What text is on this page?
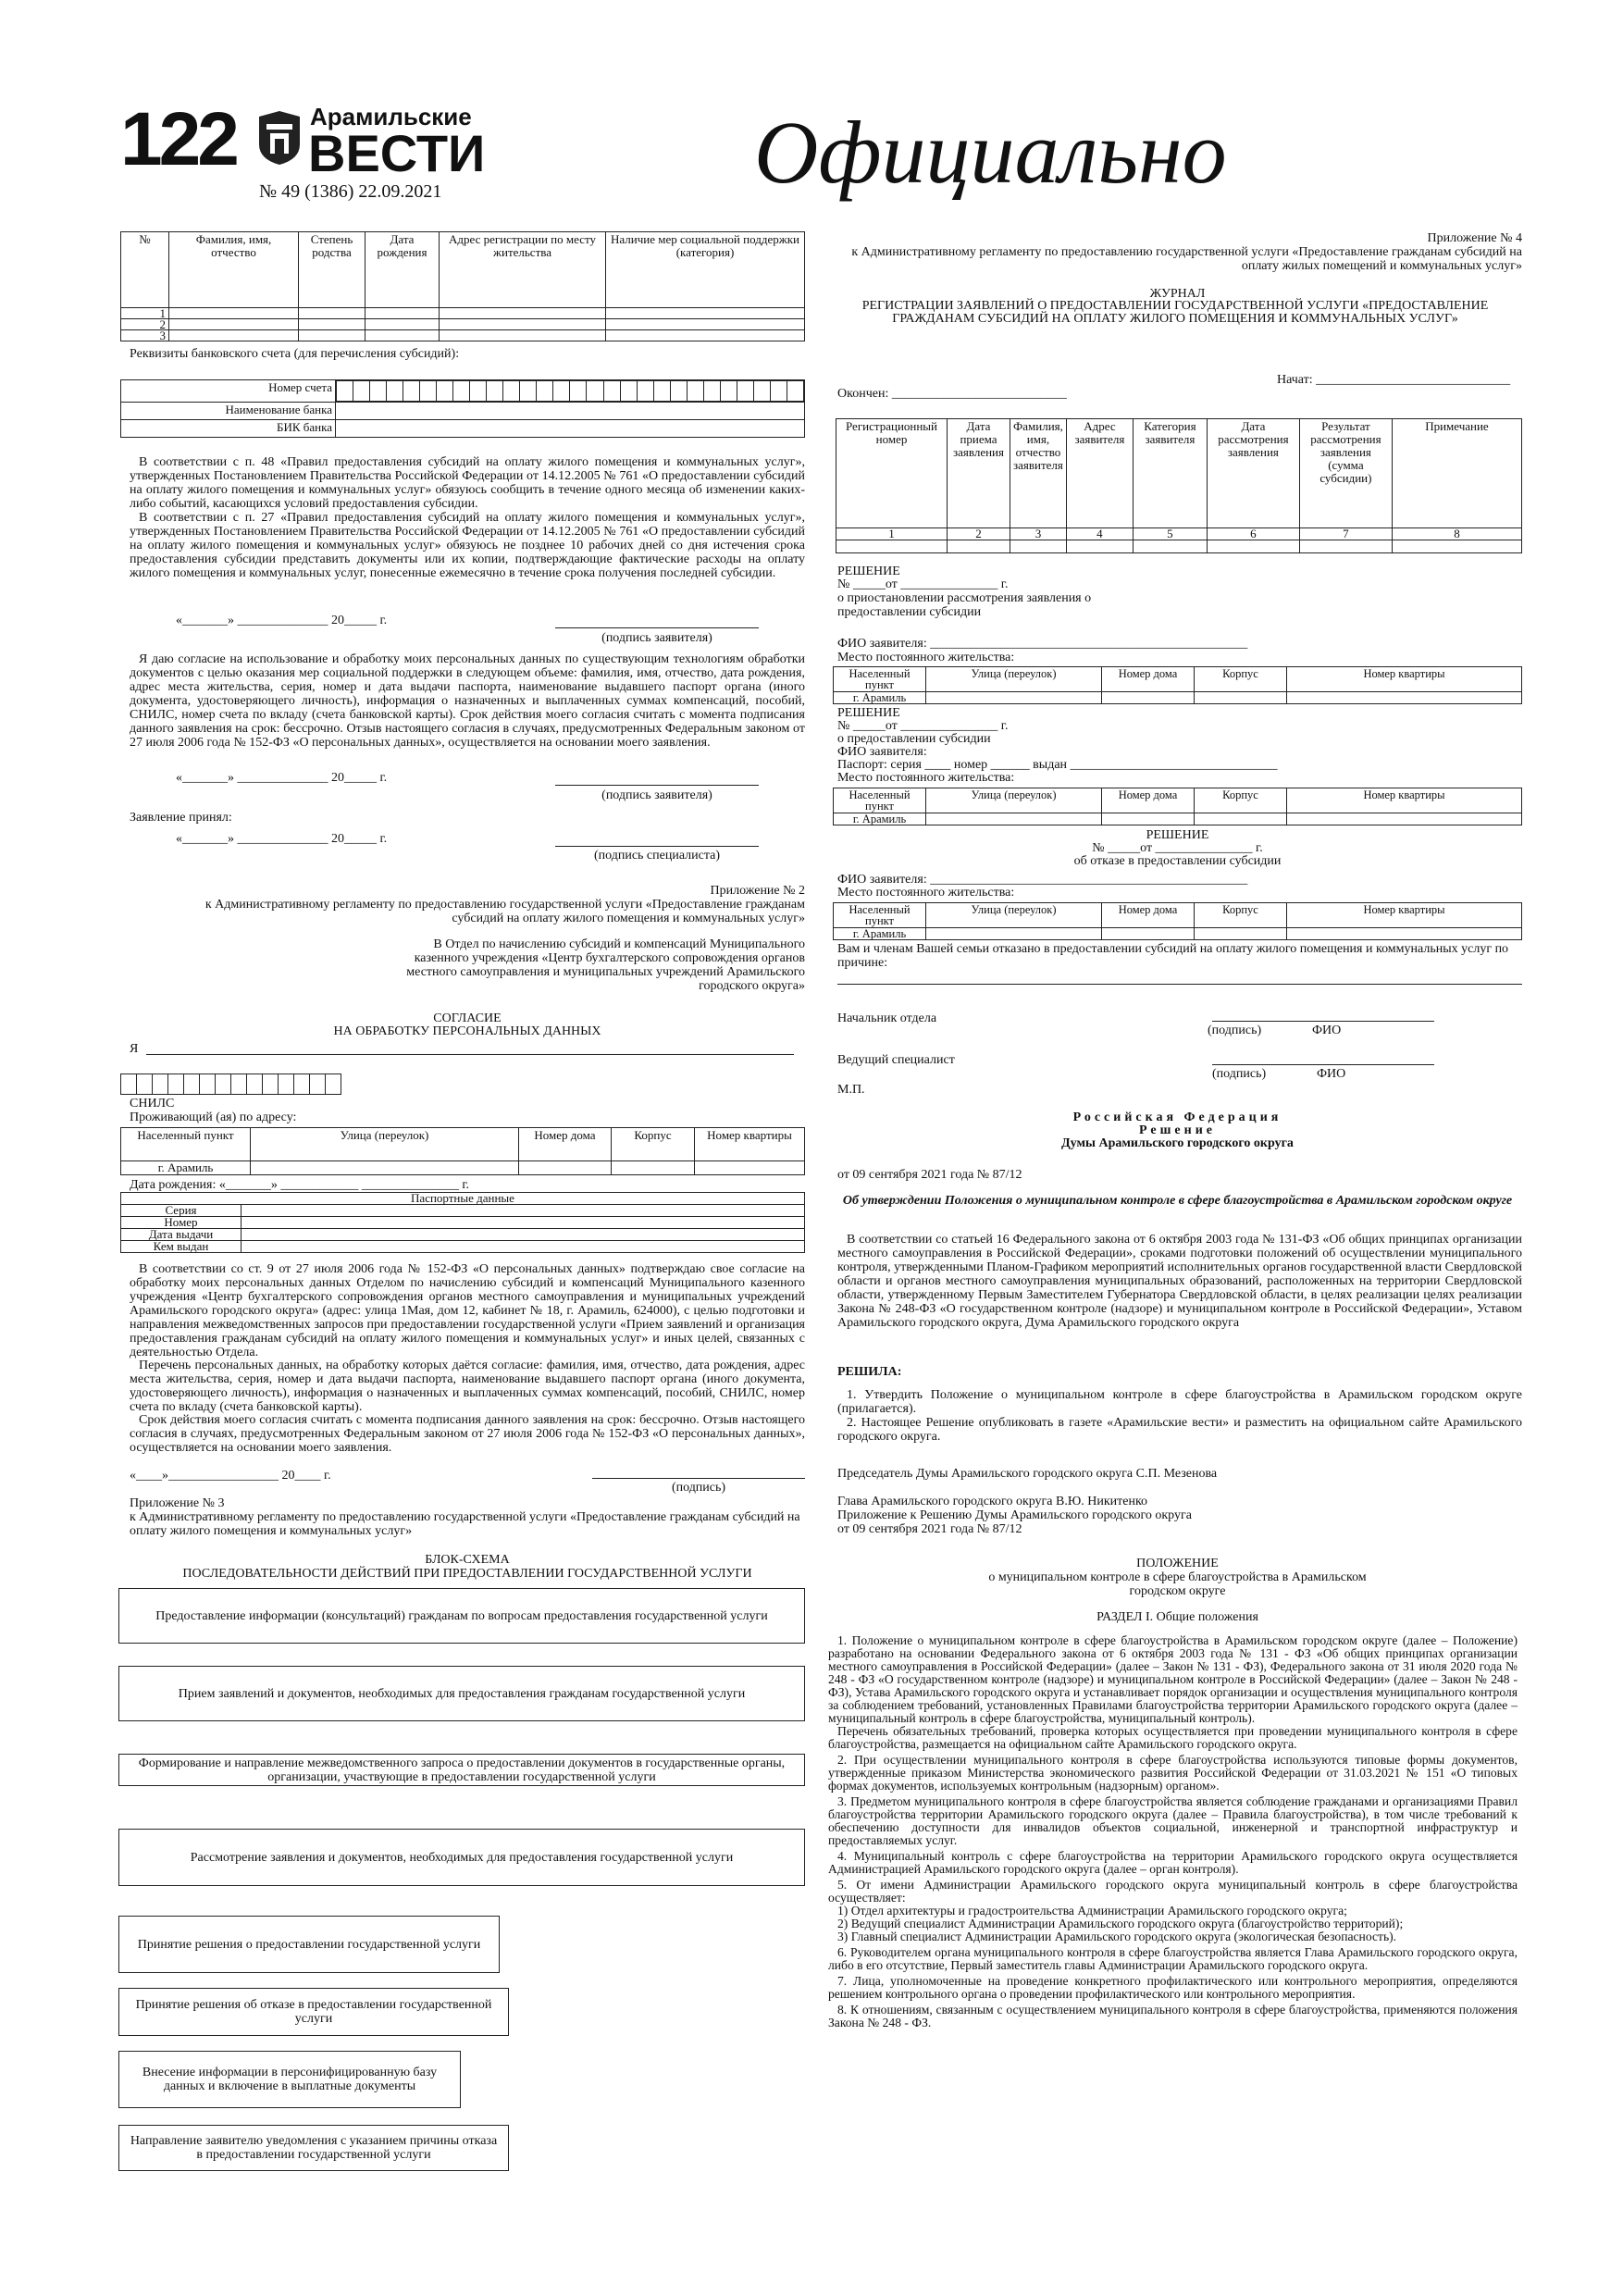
122	Арамильские
ВЕСТИ
№ 49 (1386) 22.09.2021	Официально
№	Фамилия, имя, отчество	Степень родства	Дата рождения	Адрес регистрации по месту жительства	Наличие мер социальной поддержки (категория)
1					
2					
3					
Реквизиты банковского счета (для перечисления субсидий):
Номер счета	

Наименование банка	
БИК банка	
В соответствии с п. 48 «Правил предоставления субсидий на оплату жилого помещения и коммунальных услуг», утвержденных Постановлением Правительства Российской Федерации от 14.12.2005 № 761 «О предоставлении субсидий на оплату жилого помещения и коммунальных услуг» обязуюсь сообщить в течение одного месяца об изменении каких-либо событий, касающихся условий предоставления субсидии.
В соответствии с п. 27 «Правил предоставления субсидий на оплату жилого помещения и коммунальных услуг», утвержденных Постановлением Правительства Российской Федерации от 14.12.2005 № 761 «О предоставлении субсидий на оплату жилого помещения и коммунальных услуг» обязуюсь не позднее 10 рабочих дней со дня истечения срока предоставления субсидии представить документы или их копии, подтверждающие фактические расходы на оплату жилого помещения и коммунальных услуг, понесенные ежемесячно в течение срока получения последней субсидии.
«_______» ______________ 20_____ г.
(подпись заявителя)
Я даю согласие на использование и обработку моих персональных данных по существующим технологиям обработки документов с целью оказания мер социальной поддержки в следующем объеме: фамилия, имя, отчество, дата рождения, адрес места жительства, серия, номер и дата выдачи паспорта, наименование выдавшего паспорт органа (иного документа, удостоверяющего личность), информация о назначенных и выплаченных суммах компенсаций, пособий, СНИЛС, номер счета по вкладу (счета банковской карты). Срок действия моего согласия считать с момента подписания данного заявления на срок: бессрочно. Отзыв настоящего согласия в случаях, предусмотренных Федеральным законом от 27 июля 2006 года № 152-ФЗ «О персональных данных», осуществляется на основании моего заявления.
«_______» ______________ 20_____ г.
(подпись заявителя)
Заявление принял:
«_______» ______________ 20_____ г.
(подпись специалиста)
Приложение № 2
к Административному регламенту по предоставлению государственной услуги «Предоставление гражданам субсидий на оплату жилого помещения и коммунальных услуг»
В Отдел по начислению субсидий и компенсаций Муниципального казенного учреждения «Центр бухгалтерского сопровождения органов местного самоуправления и муниципальных учреждений Арамильского городского округа»
СОГЛАСИЕ
НА ОБРАБОТКУ ПЕРСОНАЛЬНЫХ ДАННЫХ
Я

СНИЛС
Проживающий (ая) по адресу:
Населенный пункт	Улица (переулок)	Номер дома	Корпус	Номер квартиры
г. Арамиль				
Дата рождения: «_______» ____________ _______________ г.
Паспортные данные	
Серия	
Номер	
Дата выдачи	
Кем выдан	
В соответствии со ст. 9 от 27 июля 2006 года № 152-ФЗ «О персональных данных» подтверждаю свое согласие на обработку моих персональных данных Отделом по начислению субсидий и компенсаций Муниципального казенного учреждения «Центр бухгалтерского сопровождения органов местного самоуправления и муниципальных учреждений Арамильского городского округа» (адрес: улица 1Мая, дом 12, кабинет № 18, г. Арамиль, 624000), с целью подготовки и направления межведомственных запросов при предоставлении государственной услуги «Прием заявлений и организация предоставления гражданам субсидий на оплату жилого помещения и коммунальных услуг» и иных целей, связанных с деятельностью Отдела.
Перечень персональных данных, на обработку которых даётся согласие: фамилия, имя, отчество, дата рождения, адрес места жительства, серия, номер и дата выдачи паспорта, наименование выдавшего паспорт органа (иного документа, удостоверяющего личность), информация о назначенных и выплаченных суммах компенсаций, пособий, СНИЛС, номер счета по вкладу (счета банковской карты).
Срок действия моего согласия считать с момента подписания данного заявления на срок: бессрочно. Отзыв настоящего согласия в случаях, предусмотренных Федеральным законом от 27 июля 2006 года № 152-ФЗ «О персональных данных», осуществляется на основании моего заявления.
«____»_________________ 20____ г.
(подпись)
Приложение № 3
к Административному регламенту по предоставлению государственной услуги «Предоставление гражданам субсидий на оплату жилого помещения и коммунальных услуг»
БЛОК-СХЕМА
ПОСЛЕДОВАТЕЛЬНОСТИ ДЕЙСТВИЙ ПРИ ПРЕДОСТАВЛЕНИИ ГОСУДАРСТВЕННОЙ УСЛУГИ
Предоставление информации (консультаций) гражданам по вопросам предоставления государственной услуги
Прием заявлений и документов, необходимых для предоставления гражданам государственной услуги
Формирование и направление межведомственного запроса о предоставлении документов в государственные органы, организации, участвующие в предоставлении государственной услуги
Рассмотрение заявления и документов, необходимых для предоставления государственной услуги
Принятие решения о предоставлении государственной услуги
Принятие решения об отказе в предоставлении государственной услуги
Внесение информации в персонифицированную базу данных и включение в выплатные документы
Направление заявителю уведомления с указанием причины отказа в предоставлении государственной услуги
Приложение № 4
к Административному регламенту по предоставлению государственной услуги «Предоставление гражданам субсидий на оплату жилых помещений и коммунальных услуг»
ЖУРНАЛ
РЕГИСТРАЦИИ ЗАЯВЛЕНИЙ О ПРЕДОСТАВЛЕНИИ ГОСУДАРСТВЕННОЙ УСЛУГИ «ПРЕДОСТАВЛЕНИЕ ГРАЖДАНАМ СУБСИДИЙ НА ОПЛАТУ ЖИЛОГО ПОМЕЩЕНИЯ И КОММУНАЛЬНЫХ УСЛУГ»
Начат: ______________________________
Окончен: ___________________________
Регистрационный номер	Дата приема заявления	Фамилия, имя, отчество заявителя	Адрес заявителя	Категория заявителя	Дата рассмотрения заявления	Результат рассмотрения заявления (сумма субсидии)	Примечание
1	2	3	4	5	6	7	8

РЕШЕНИЕ
№ _____от _______________ г.
о приостановлении рассмотрения заявления о предоставлении субсидии
ФИО заявителя: _________________________________________________
Место постоянного жительства:
Населенный пункт	Улица (переулок)	Номер дома	Корпус	Номер квартиры
г. Арамиль				
РЕШЕНИЕ
№ _____от _______________ г.
о предоставлении субсидии
ФИО заявителя:
Паспорт: серия ____ номер ______ выдан ________________________________
Место постоянного жительства:
Населенный пункт	Улица (переулок)	Номер дома	Корпус	Номер квартиры
г. Арамиль				
РЕШЕНИЕ
№ _____от _______________ г.
об отказе в предоставлении субсидии
ФИО заявителя: _________________________________________________
Место постоянного жительства:
Населенный пункт	Улица (переулок)	Номер дома	Корпус	Номер квартиры
г. Арамиль				
Вам и членам Вашей семьи отказано в предоставлении субсидий на оплату жилого помещения и коммунальных услуг по причине:
Начальник отдела
(подпись)	ФИО
Ведущий специалист
(подпись)	ФИО
М.П.
Российская Федерация
Решение
Думы Арамильского городского округа
от 09 сентября 2021 года № 87/12
Об утверждении Положения о муниципальном контроле в сфере благоустройства в Арамильском городском округе
В соответствии со статьей 16 Федерального закона от 6 октября 2003 года № 131-ФЗ «Об общих принципах организации местного самоуправления в Российской Федерации», сроками подготовки положений об осуществлении муниципального контроля, утвержденными Планом-Графиком мероприятий исполнительных органов государственной власти Свердловской области и органов местного самоуправления муниципальных образований, расположенных на территории Свердловской области, утвержденному Первым Заместителем Губернатора Свердловской области, в целях реализации целях реализации Закона № 248-ФЗ «О государственном контроле (надзоре) и муниципальном контроле в Российской Федерации», Уставом Арамильского городского округа, Дума Арамильского городского округа
РЕШИЛА:
1. Утвердить Положение о муниципальном контроле в сфере благоустройства в Арамильском городском округе (прилагается).
2. Настоящее Решение опубликовать в газете «Арамильские вести» и разместить на официальном сайте Арамильского городского округа.
Председатель Думы Арамильского городского округа С.П. Мезенова
Глава Арамильского городского округа В.Ю. Никитенко
Приложение к Решению Думы Арамильского городского округа
от 09 сентября 2021 года № 87/12
ПОЛОЖЕНИЕ
о муниципальном контроле в сфере благоустройства в Арамильском городском округе
РАЗДЕЛ I. Общие положения
1. Положение о муниципальном контроле в сфере благоустройства в Арамильском городском округе (далее – Положение) разработано на основании Федерального закона от 6 октября 2003 года № 131 - ФЗ «Об общих принципах организации местного самоуправления в Российской Федерации» (далее – Закон № 131 - ФЗ), Федерального закона от 31 июля 2020 года № 248 - ФЗ «О государственном контроле (надзоре) и муниципальном контроле в Российской Федерации» (далее – Закон № 248 - ФЗ), Устава Арамильского городского округа и устанавливает порядок организации и осуществления муниципального контроля за соблюдением требований, установленных Правилами благоустройства территории Арамильского городского округа (далее – муниципальный контроль в сфере благоустройства, муниципальный контроль).
Перечень обязательных требований, проверка которых осуществляется при проведении муниципального контроля в сфере благоустройства, размещается на официальном сайте Арамильского городского округа.
2. При осуществлении муниципального контроля в сфере благоустройства используются типовые формы документов, утвержденные приказом Министерства экономического развития Российской Федерации от 31.03.2021 № 151 «О типовых формах документов, используемых контрольным (надзорным) органом».
3. Предметом муниципального контроля в сфере благоустройства является соблюдение гражданами и организациями Правил благоустройства территории Арамильского городского округа (далее – Правила благоустройства), в том числе требований к обеспечению доступности для инвалидов объектов социальной, инженерной и транспортной инфраструктур и предоставляемых услуг.
4. Муниципальный контроль с сфере благоустройства на территории Арамильского городского округа осуществляется Администрацией Арамильского городского округа (далее – орган контроля).
5. От имени Администрации Арамильского городского округа муниципальный контроль в сфере благоустройства осуществляет:
1) Отдел архитектуры и градостроительства Администрации Арамильского городского округа;
2) Ведущий специалист Администрации Арамильского городского округа (благоустройство территорий);
3) Главный специалист Администрации Арамильского городского округа (экологическая безопасность).
6. Руководителем органа муниципального контроля в сфере благоустройства является Глава Арамильского городского округа, либо в его отсутствие, Первый заместитель главы Администрации Арамильского городского округа.
7. Лица, уполномоченные на проведение конкретного профилактического или контрольного мероприятия, определяются решением контрольного органа о проведении профилактического или контрольного мероприятия.
8. К отношениям, связанным с осуществлением муниципального контроля в сфере благоустройства, применяются положения Закона № 248 - ФЗ.
